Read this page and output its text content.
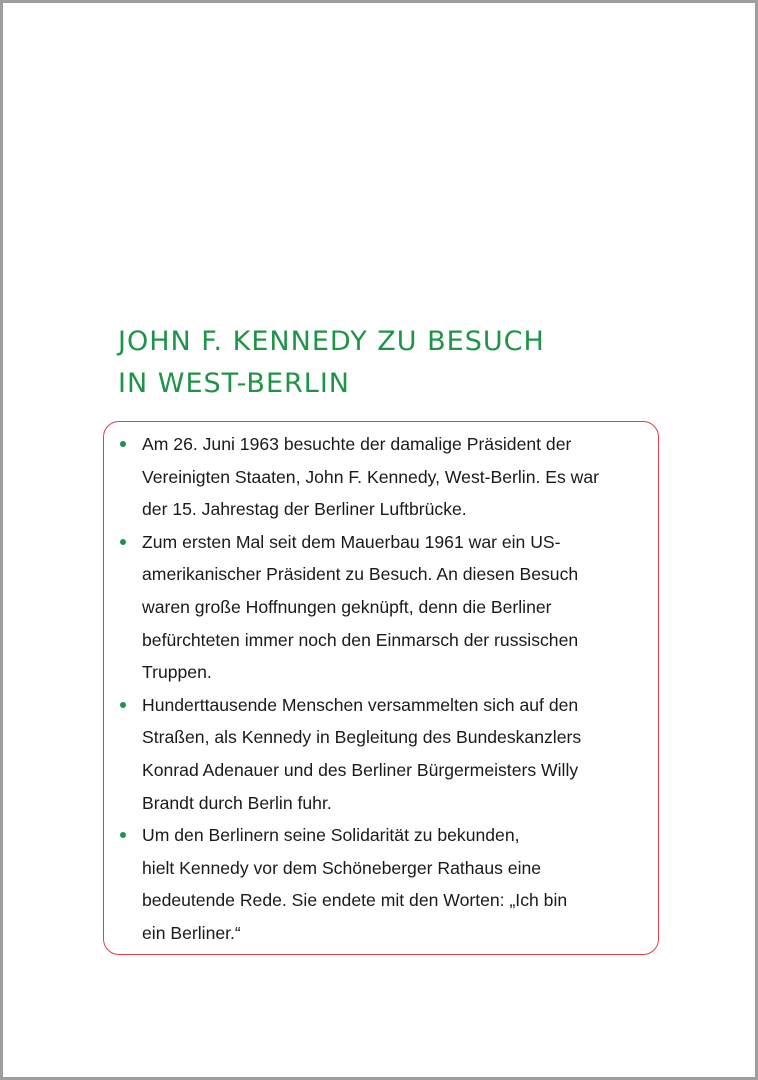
JOHN F. KENNEDY ZU BESUCH
IN WEST-BERLIN
Am 26. Juni 1963 besuchte der damalige Präsident der
Vereinigten Staaten, John F. Kennedy, West-Berlin. Es war
der 15. Jahrestag der Berliner Luftbrücke.
Zum ersten Mal seit dem Mauerbau 1961 war ein US-
amerikanischer Präsident zu Besuch. An diesen Besuch
waren große Hoffnungen geknüpft, denn die Berliner
befürchteten immer noch den Einmarsch der russischen
Truppen.
Hunderttausende Menschen versammelten sich auf den
Straßen, als Kennedy in Begleitung des Bundeskanzlers
Konrad Adenauer und des Berliner Bürgermeisters Willy
Brandt durch Berlin fuhr.
Um den Berlinern seine Solidarität zu bekunden,
hielt Kennedy vor dem Schöneberger Rathaus eine
bedeutende Rede. Sie endete mit den Worten: „Ich bin
ein Berliner.“
